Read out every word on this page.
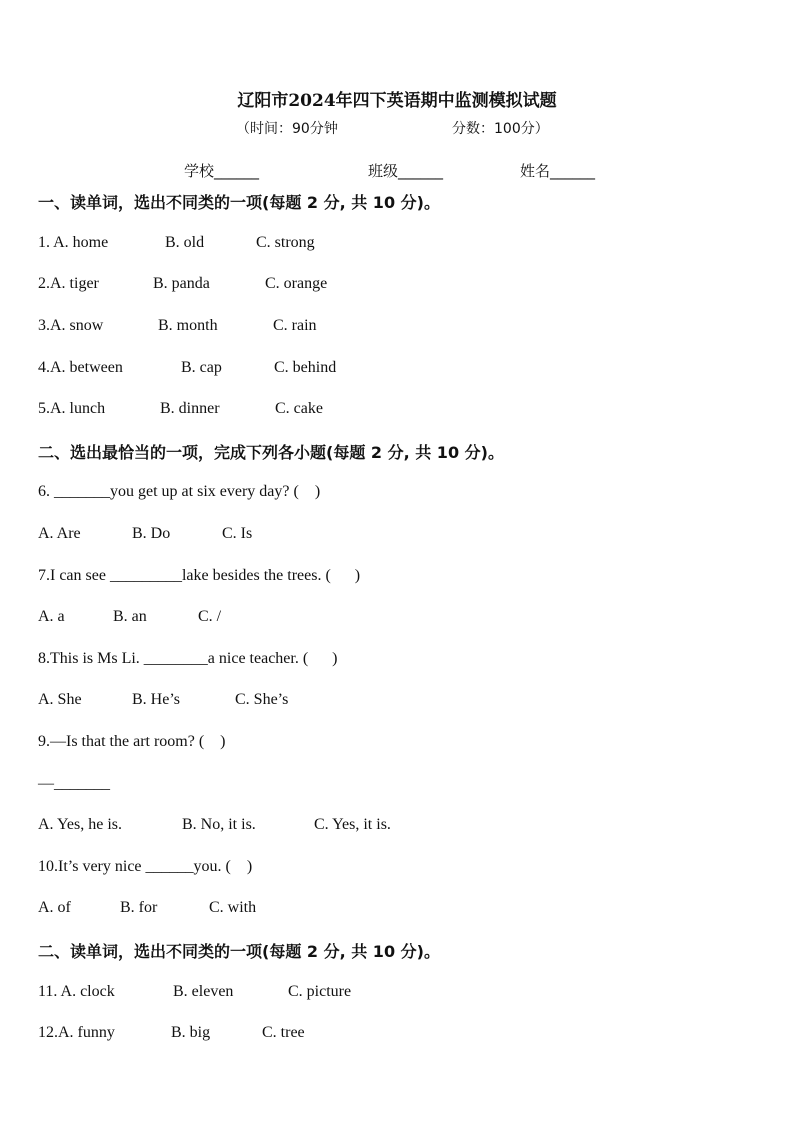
辽阳市2024年四下英语期中监测模拟试题
（时间：90分钟	分数：100分）
学校______	班级______	姓名______
一、读单词，选出不同类的一项(每题 2 分, 共 10 分)。
1. A. home	B. old	C. strong
2.A. tiger	B. panda	C. orange
3.A. snow	B. month	C. rain
4.A. between	B. cap	C. behind
5.A. lunch	B. dinner	C. cake
二、选出最恰当的一项，完成下列各小题(每题 2 分, 共 10 分)。
6. _______you get up at six every day? (    )
A. Are	B. Do	C. Is
7.I can see _________lake besides the trees. (      )
A. a	B. an	C. /
8.This is Ms Li. ________a nice teacher. (      )
A. She	B. He’s	C. She’s
9.—Is that the art room? (    )
—_______
A. Yes, he is.	B. No, it is.	C. Yes, it is.
10.It’s very nice ______you. (    )
A. of	B. for	C. with
二、读单词，选出不同类的一项(每题 2 分, 共 10 分)。
11. A. clock	B. eleven	C. picture
12.A. funny	B. big	C. tree
